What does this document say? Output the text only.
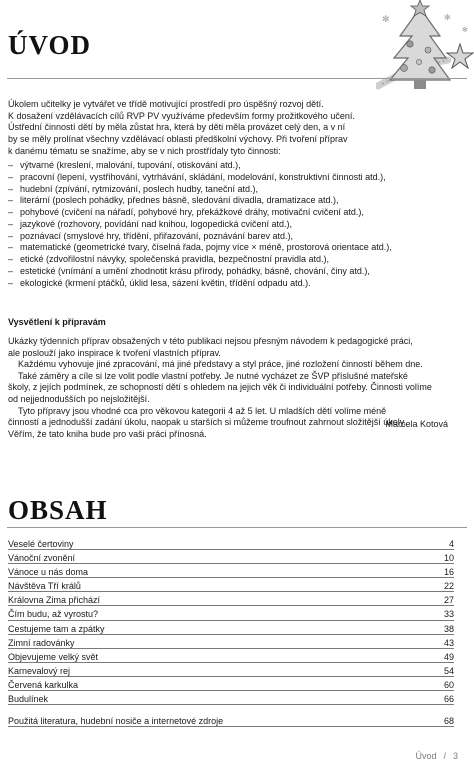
✻	✻
✻
ÚVOD

Úkolem učitelky je vytvářet ve třídě motivující prostředí pro úspěšný rozvoj dětí.
K dosažení vzdělávacích cílů RVP PV využíváme především formy prožitkového učení.
Ústřední činností dětí by měla zůstat hra, která by děti měla provázet celý den, a v ní
by se měly prolínat všechny vzdělávací oblasti předškolní výchovy. Při tvoření příprav
k danému tématu se snažíme, aby se v nich prostřídaly tyto činnosti:

– výtvarné (kreslení, malování, tupování, otiskování atd.),
– pracovní (lepení, vystřihování, vytrhávání, skládání, modelování, konstruktivní činnosti atd.),
– hudební (zpívání, rytmizování, poslech hudby, taneční atd.),
– literární (poslech pohádky, přednes básně, sledování divadla, dramatizace atd.),
– pohybové (cvičení na nářadí, pohybové hry, překážkové dráhy, motivační cvičení atd.),
– jazykové (rozhovory, povídání nad knihou, logopedická cvičení atd.),
– poznávací (smyslové hry, třídění, přiřazování, poznávání barev atd.),
– matematické (geometrické tvary, číselná řada, pojmy více × méně, prostorová orientace atd.),
– etické (zdvořilostní návyky, společenská pravidla, bezpečnostní pravidla atd.),
– estetické (vnímání a umění zhodnotit krásu přírody, pohádky, básně, chování, činy atd.),
– ekologické (krmení ptáčků, úklid lesa, sázení květin, třídění odpadu atd.).
Vysvětlení k přípravám

Ukázky týdenních příprav obsažených v této publikaci nejsou přesným návodem k pedagogické práci,
ale poslouží jako inspirace k tvoření vlastních příprav.
Každému vyhovuje jiné zpracování, má jiné představy a styl práce, jiné rozložení činností během dne.
Také záměry a cíle si lze volit podle vlastní potřeby. Je nutné vycházet ze ŠVP příslušné mateřské
školy, z jejích podmínek, ze schopností dětí s ohledem na jejich věk či individuální potřeby. Činnosti volíme
od nejjednodušších po nejsložitější.
Tyto přípravy jsou vhodné cca pro věkovou kategorii 4 až 5 let. U mladších dětí volíme méně
činností a jednodušší zadání úkolu, naopak u starších si můžeme troufnout zahrnout složitější úkoly.
Věřím, že tato kniha bude pro vaši práci přínosná.

Marcela Kotová
OBSAH
Veselé čertoviny	4
Vánoční zvonění	10
Vánoce u nás doma	16
Návštěva Tří králů	22
Královna Zima přichází	27
Čím budu, až vyrostu?	33
Cestujeme tam a zpátky	38
Zimní radovánky	43
Objevujeme velký svět	49
Karnevalový rej	54
Červená karkulka	60
Budulínek	66
Použitá literatura, hudební nosiče a internetové zdroje	68
Úvod / 3
